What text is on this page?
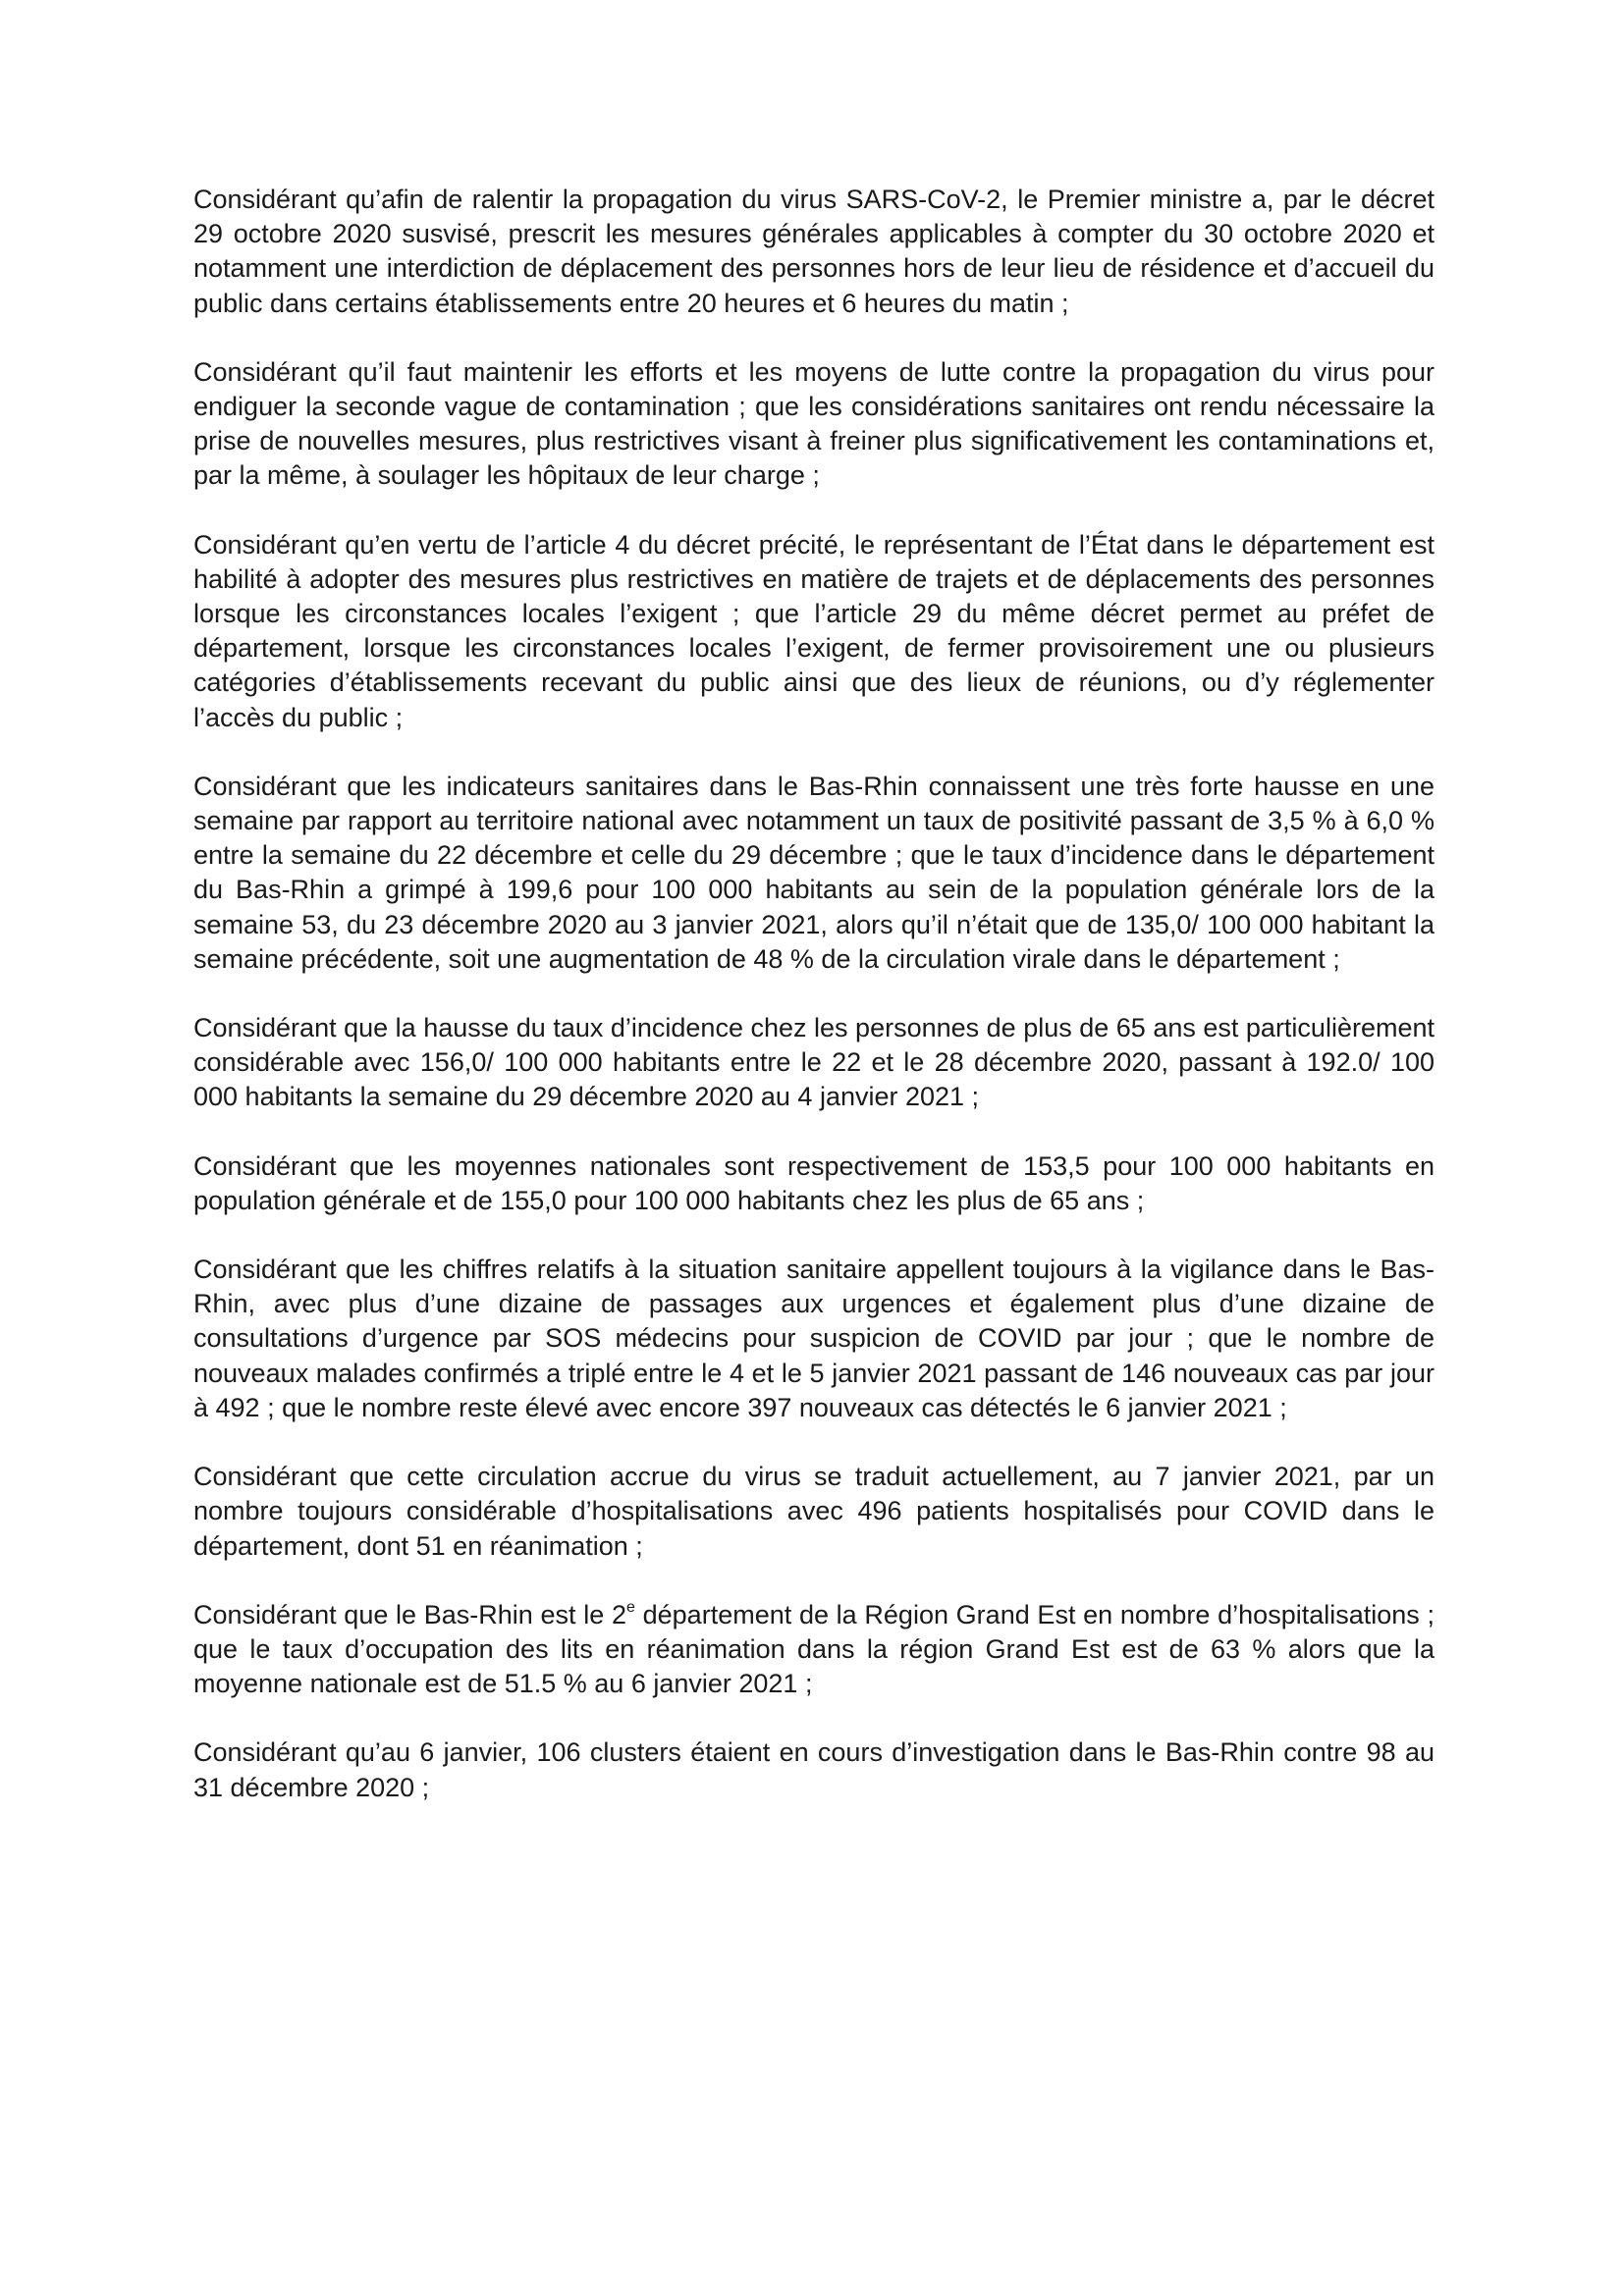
Considérant qu’afin de ralentir la propagation du virus SARS-CoV-2, le Premier ministre a, par le décret 29 octobre 2020 susvisé, prescrit les mesures générales applicables à compter du 30 octobre 2020 et notamment une interdiction de déplacement des personnes hors de leur lieu de résidence et d’accueil du public dans certains établissements entre 20 heures et 6 heures du matin ;

Considérant qu’il faut maintenir les efforts et les moyens de lutte contre la propagation du virus pour endiguer la seconde vague de contamination ; que les considérations sanitaires ont rendu nécessaire la prise de nouvelles mesures, plus restrictives visant à freiner plus significativement les contaminations et, par la même, à soulager les hôpitaux de leur charge ;

Considérant qu’en vertu de l’article 4 du décret précité, le représentant de l’État dans le département est habilité à adopter des mesures plus restrictives en matière de trajets et de déplacements des personnes lorsque les circonstances locales l’exigent ; que l’article 29 du même décret permet au préfet de département, lorsque les circonstances locales l’exigent, de fermer provisoirement une ou plusieurs catégories d’établissements recevant du public ainsi que des lieux de réunions, ou d’y réglementer l’accès du public ;

Considérant que les indicateurs sanitaires dans le Bas-Rhin connaissent une très forte hausse en une semaine par rapport au territoire national avec notamment un taux de positivité passant de 3,5 % à 6,0 % entre la semaine du 22 décembre et celle du 29 décembre ; que le taux d’incidence dans le département du Bas-Rhin a grimpé à 199,6 pour 100 000 habitants au sein de la population générale lors de la semaine 53, du 23 décembre 2020 au 3 janvier 2021, alors qu’il n’était que de 135,0/ 100 000 habitant la semaine précédente, soit une augmentation de 48 % de la circulation virale dans le département ;

Considérant que la hausse du taux d’incidence chez les personnes de plus de 65 ans est particulièrement considérable avec 156,0/ 100 000 habitants entre le 22 et le 28 décembre 2020, passant à 192.0/ 100 000 habitants la semaine du 29 décembre 2020 au 4 janvier 2021 ;

Considérant que les moyennes nationales sont respectivement de 153,5 pour 100 000 habitants en population générale et de 155,0 pour 100 000 habitants chez les plus de 65 ans ;

Considérant que les chiffres relatifs à la situation sanitaire appellent toujours à la vigilance dans le Bas-Rhin, avec plus d’une dizaine de passages aux urgences et également plus d’une dizaine de consultations d’urgence par SOS médecins pour suspicion de COVID par jour ; que le nombre de nouveaux malades confirmés a triplé entre le 4 et le 5 janvier 2021 passant de 146 nouveaux cas par jour à 492 ; que le nombre reste élevé avec encore 397 nouveaux cas détectés le 6 janvier 2021 ;

Considérant que cette circulation accrue du virus se traduit actuellement, au 7 janvier 2021, par un nombre toujours considérable d’hospitalisations avec 496 patients hospitalisés pour COVID dans le département, dont 51 en réanimation ;

Considérant que le Bas-Rhin est le 2e département de la Région Grand Est en nombre d’hospitalisations ; que le taux d’occupation des lits en réanimation dans la région Grand Est est de 63 % alors que la moyenne nationale est de 51.5 % au 6 janvier 2021 ;

Considérant qu’au 6 janvier, 106 clusters étaient en cours d’investigation dans le Bas-Rhin contre 98 au 31 décembre 2020 ;
